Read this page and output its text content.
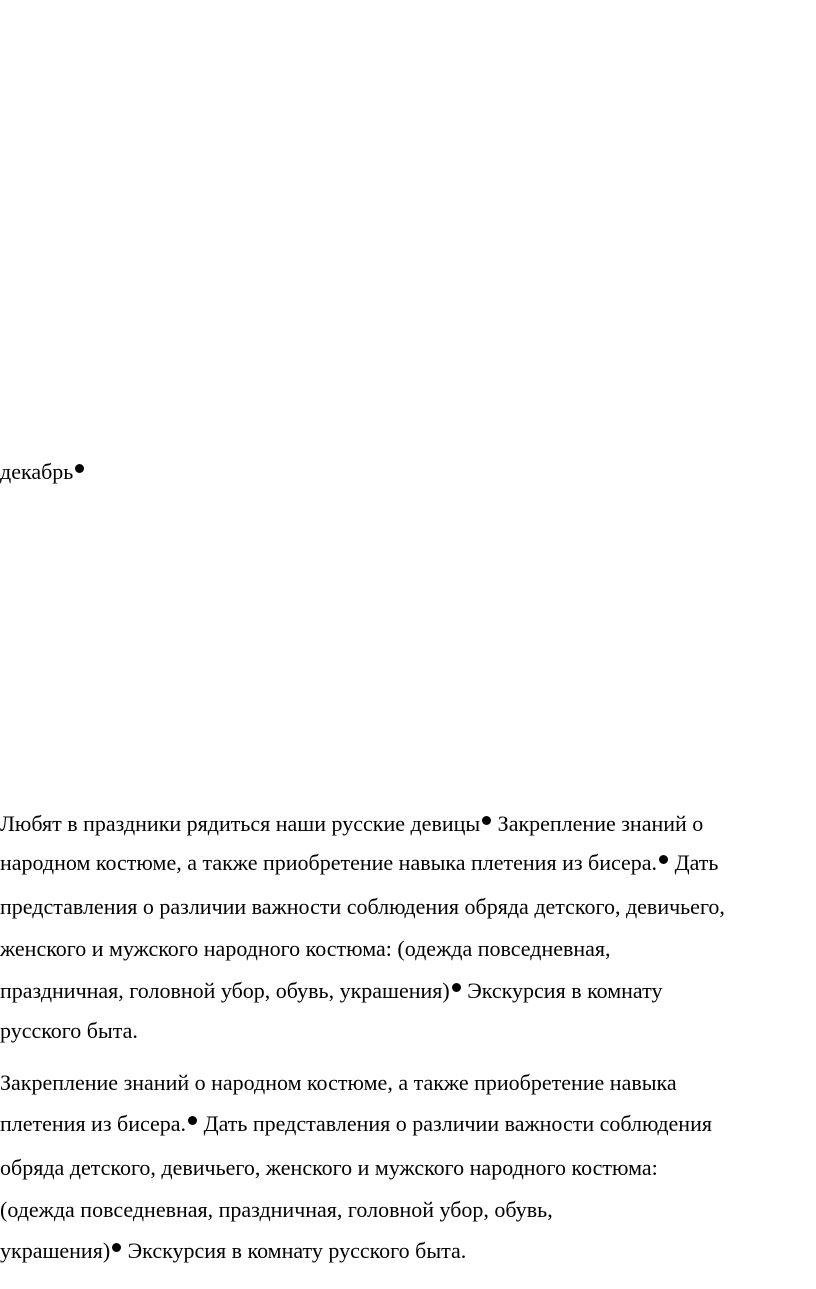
декабрь
Любят в праздники рядиться наши русские девицы Закрепление знаний о
народном костюме, а также приобретение навыка плетения из бисера. Дать
представления о различии важности соблюдения обряда детского, девичьего,
женского и мужского народного костюма: (одежда повседневная,
праздничная, головной убор, обувь, украшения) Экскурсия в комнату
русского быта.
Закрепление знаний о народном костюме, а также приобретение навыка
плетения из бисера. Дать представления о различии важности соблюдения
обряда детского, девичьего, женского и мужского народного костюма:
(одежда повседневная, праздничная, головной убор, обувь,
украшения) Экскурсия в комнату русского быта.
